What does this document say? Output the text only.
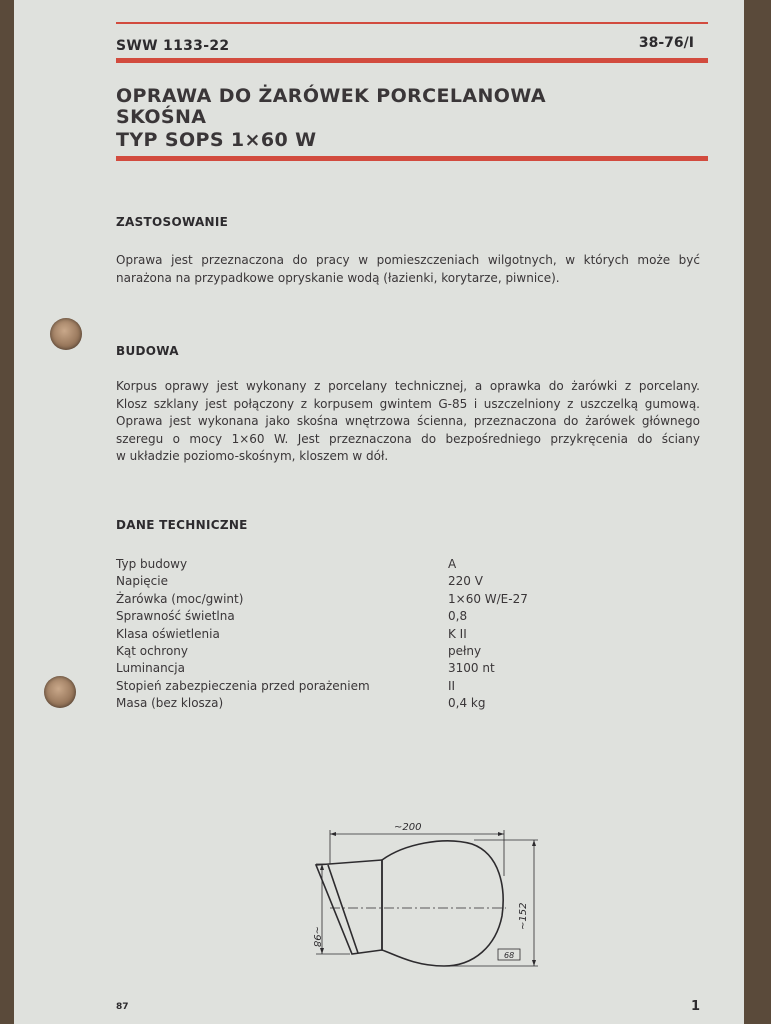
SWW 1133-22	38-76/I
OPRAWA DO ŻARÓWEK PORCELANOWA
SKOŚNA
TYP SOPS 1×60 W
ZASTOSOWANIE
Oprawa jest przeznaczona do pracy w pomieszczeniach wilgotnych, w których może być
narażona na przypadkowe opryskanie wodą (łazienki, korytarze, piwnice).
BUDOWA
Korpus oprawy jest wykonany z porcelany technicznej, a oprawka do żarówki z porcelany.
Klosz szklany jest połączony z korpusem gwintem G-85 i uszczelniony z uszczelką gumową.
Oprawa jest wykonana jako skośna wnętrzowa ścienna, przeznaczona do żarówek głównego
szeregu o mocy 1×60 W. Jest przeznaczona do bezpośredniego przykręcenia do ściany
w układzie poziomo-skośnym, kloszem w dół.
DANE TECHNICZNE
Typ budowy	A
Napięcie	220 V
Żarówka (moc/gwint)	1×60 W/E-27
Sprawność świetlna	0,8
Klasa oświetlenia	K II
Kąt ochrony	pełny
Luminancja	3100 nt
Stopień zabezpieczenia przed porażeniem	II
Masa (bez klosza)	0,4 kg
~200
~98
~152
68
87	1
